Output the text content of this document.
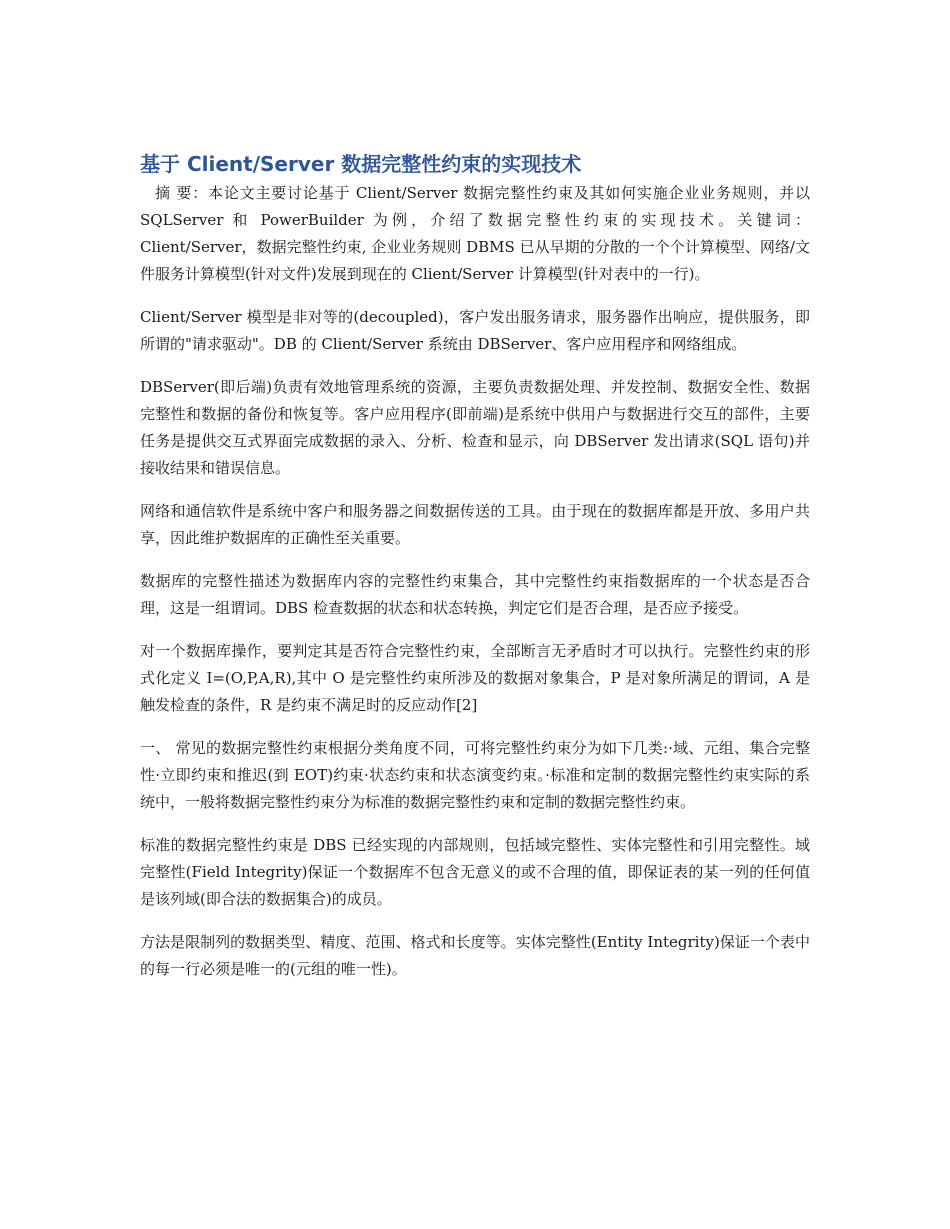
基于 Client/Server 数据完整性约束的实现技术

摘 要：本论文主要讨论基于 Client/Server 数据完整性约束及其如何实施企业业务规则，并以 SQLServer 和 PowerBuilder 为例，介绍了数据完整性约束的实现技术。关键词：Client/Server，数据完整性约束, 企业业务规则 DBMS 已从早期的分散的一个个计算模型、网络/文件服务计算模型(针对文件)发展到现在的 Client/Server 计算模型(针对表中的一行)。

Client/Server 模型是非对等的(decoupled)，客户发出服务请求，服务器作出响应，提供服务，即所谓的"请求驱动"。DB 的 Client/Server 系统由 DBServer、客户应用程序和网络组成。

DBServer(即后端)负责有效地管理系统的资源，主要负责数据处理、并发控制、数据安全性、数据完整性和数据的备份和恢复等。客户应用程序(即前端)是系统中供用户与数据进行交互的部件，主要任务是提供交互式界面完成数据的录入、分析、检查和显示，向 DBServer 发出请求(SQL 语句)并接收结果和错误信息。

网络和通信软件是系统中客户和服务器之间数据传送的工具。由于现在的数据库都是开放、多用户共享，因此维护数据库的正确性至关重要。

数据库的完整性描述为数据库内容的完整性约束集合，其中完整性约束指数据库的一个状态是否合理，这是一组谓词。DBS 检查数据的状态和状态转换，判定它们是否合理，是否应予接受。

对一个数据库操作，要判定其是否符合完整性约束，全部断言无矛盾时才可以执行。完整性约束的形式化定义 I=(O,P,A,R),其中 O 是完整性约束所涉及的数据对象集合，P 是对象所满足的谓词，A 是触发检查的条件，R 是约束不满足时的反应动作[2]

一、 常见的数据完整性约束根据分类角度不同，可将完整性约束分为如下几类:·域、元组、集合完整性·立即约束和推迟(到 EOT)约束·状态约束和状态演变约束。·标准和定制的数据完整性约束实际的系统中，一般将数据完整性约束分为标准的数据完整性约束和定制的数据完整性约束。

标准的数据完整性约束是 DBS 已经实现的内部规则，包括域完整性、实体完整性和引用完整性。域完整性(Field Integrity)保证一个数据库不包含无意义的或不合理的值，即保证表的某一列的任何值是该列域(即合法的数据集合)的成员。

方法是限制列的数据类型、精度、范围、格式和长度等。实体完整性(Entity Integrity)保证一个表中的每一行必须是唯一的(元组的唯一性)。
